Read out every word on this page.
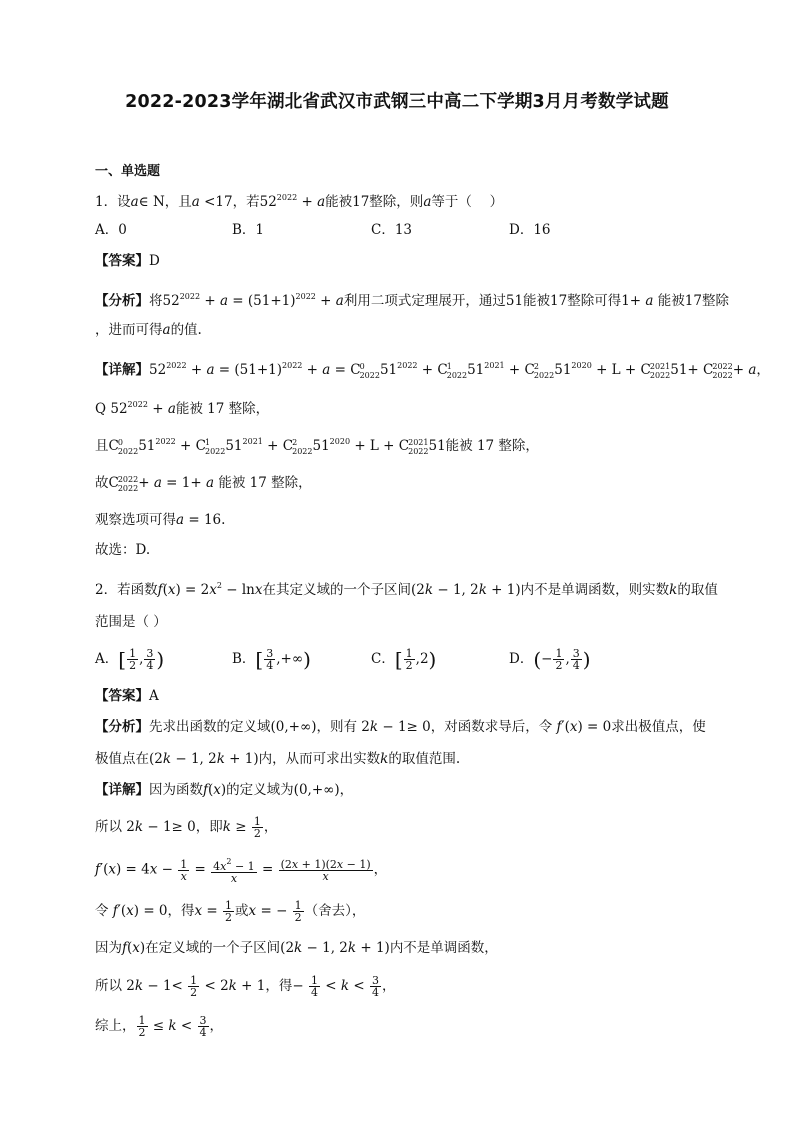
2022-2023学年湖北省武汉市武钢三中高二下学期3月月考数学试题
一、单选题
1．设a∈ N，且a <17，若$52^{2022} + a$能被17整除，则a等于（　 ）
A．0	B．1	C．13	D．16
【答案】D
【分析】将$52^{2022} + a = (51+1)^{2022} + a$利用二项式定理展开，通过51能被17整除可得1+ a 能被17整除
，进而可得a的值.
【详解】$52^{2022} + a = (51+1)^{2022} + a = C$ 0
2022 $51^{2022} + C$ 1
2022 $51^{2021} + C$ 2
2022 $51^{2020} + L + C$ 2021
2022 51+ C 2022
2022 + a，
Q $52^{2022} + a$能被 17 整除，
且C 0
2022 $51^{2022} + C$ 1
2022 $51^{2021} + C$ 2
2022 $51^{2020} + L + C$ 2021
2022 51能被 17 整除，
故C 2022
2022 + a = 1+ a 能被 17 整除，
观察选项可得a = 16.
故选：D.
2．若函数$f(x) = 2x^2 - \ln x$在其定义域的一个子区间(2k − 1, 2k + 1)内不是单调函数，则实数k的取值
范围是（ ）
A．[ $\frac{1}{2}$ , $\frac{3}{4}$ )	B．[ $\frac{3}{4}$ ,+∞)	C．[ $\frac{1}{2} ,2$)	D．(− $\frac{1}{2}$ , $\frac{3}{4}$ )
【答案】A
【分析】先求出函数的定义域(0,+∞)，则有 2k − 1≥ 0，对函数求导后，令 f′(x) = 0求出极值点，使
极值点在(2k − 1, 2k + 1)内，从而可求出实数k的取值范围.
【详解】因为函数f(x)的定义域为(0,+∞)，
所以 2k − 1≥ 0，即$k \ge \frac{1}{2}$ ，
$f'(x) = 4x - \frac{1}{x} = \frac{4x^2 - 1}{x} = \frac{(2x + 1)(2x - 1)}{x}$ ，
令 f′(x) = 0，得$x = \frac{1}{2}$ 或x = − $\frac{1}{2}$ （舍去），
因为f(x)在定义域的一个子区间(2k − 1, 2k + 1)内不是单调函数，
所以 $2k - 1< \frac{1}{2} < 2k + 1$，得− $\frac{1}{4} < k < \frac{3}{4}$ ，
综上， $\frac{1}{2} \le k < \frac{3}{4}$ ，
